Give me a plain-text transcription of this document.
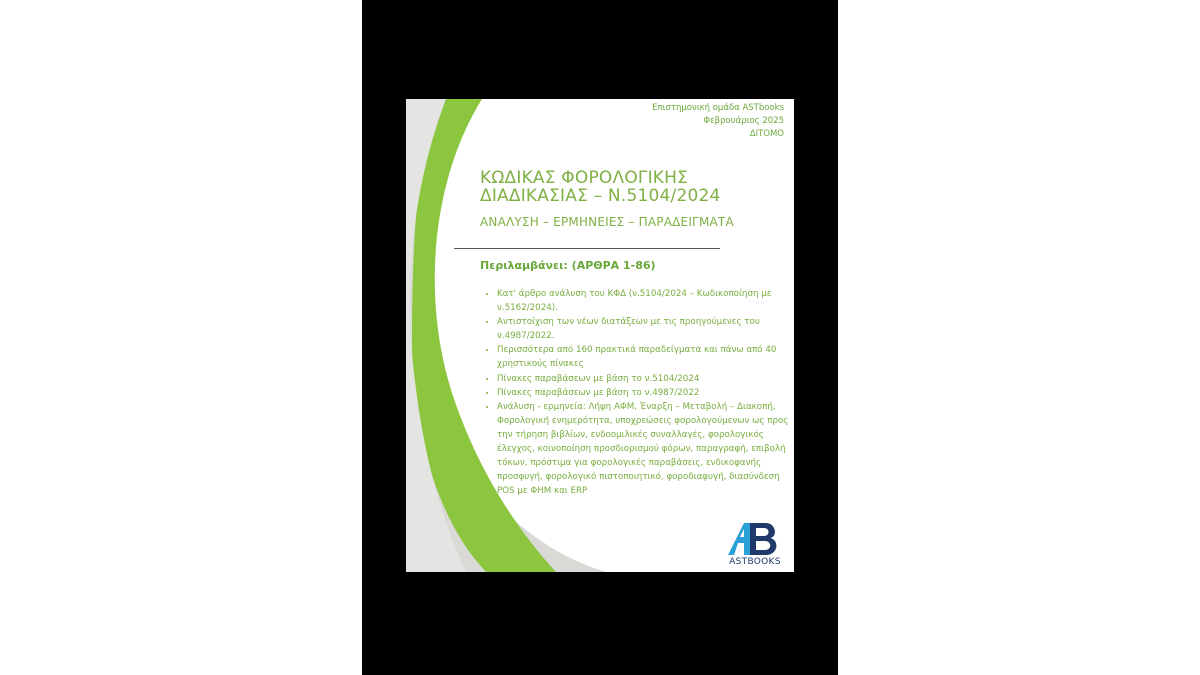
Επιστημονική ομάδα ASTbooks
Φεβρουάριος 2025
ΔΙΤΟΜΟ
ΚΩΔΙΚΑΣ ΦΟΡΟΛΟΓΙΚΗΣ
ΔΙΑΔΙΚΑΣΙΑΣ – Ν.5104/2024
ΑΝΑΛΥΣΗ – ΕΡΜΗΝΕΙΕΣ – ΠΑΡΑΔΕΙΓΜΑΤΑ
Περιλαμβάνει: (ΑΡΘΡΑ 1-86)
• Κατ' άρθρο ανάλυση του ΚΦΔ (ν.5104/2024 – Κωδικοποίηση με ν.5162/2024).
• Αντιστοίχιση των νέων διατάξεων με τις προηγούμενες του ν.4987/2022.
• Περισσότερα από 160 πρακτικά παραδείγματα και πάνω από 40 χρηστικούς πίνακες
• Πίνακες παραβάσεων με βάση το ν.5104/2024
• Πίνακες παραβάσεων με βάση το ν.4987/2022
• Ανάλυση - ερμηνεία: Λήψη ΑΦΜ, Έναρξη – Μεταβολή – Διακοπή, Φορολογική ενημερότητα, υποχρεώσεις φορολογούμενων ως προς την τήρηση βιβλίων, ενδοομιλικές συναλλαγές, φορολογικός έλεγχος, κοινοποίηση προσδιορισμού φόρων, παραγραφή, επιβολή τόκων, πρόστιμα για φορολογικές παραβάσεις, ενδικοφανής προσφυγή, φορολογικό πιστοποιητικό, φοροδιαφυγή, διασύνδεση POS με ΦΗΜ και ERP
ASTBOOKS
